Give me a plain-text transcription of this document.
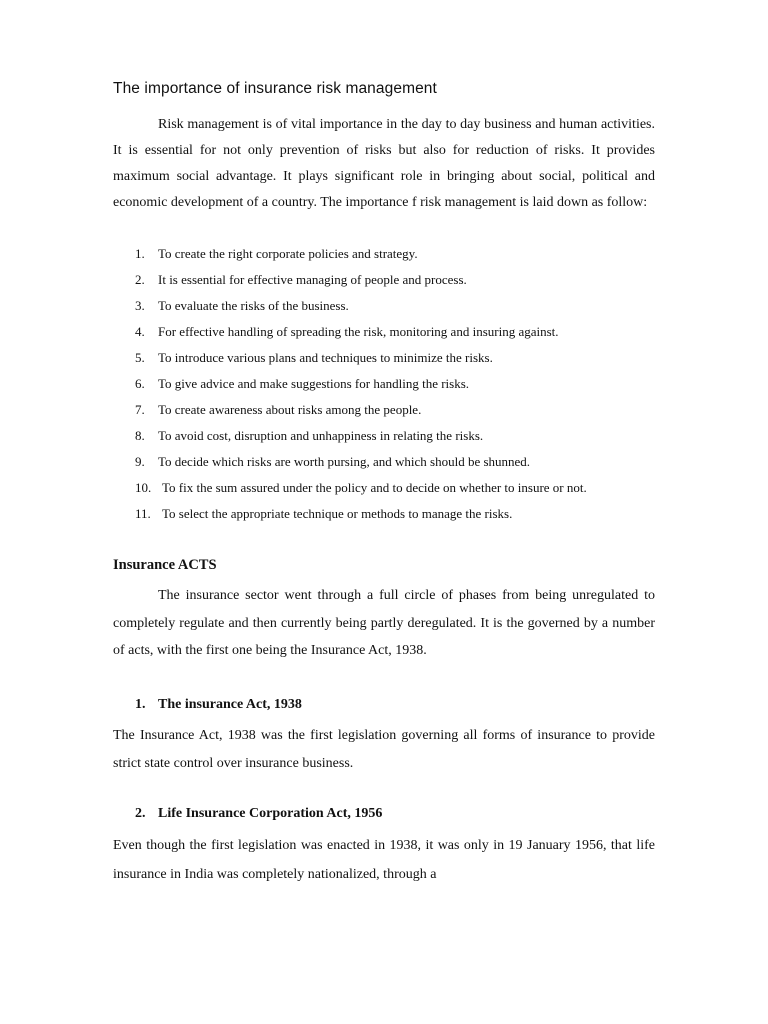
The importance of insurance risk management
Risk management is of vital importance in the day to day business and human activities. It is essential for not only prevention of risks but also for reduction of risks. It provides maximum social advantage. It plays significant role in bringing about social, political and economic development of a country. The importance f risk management is laid down as follow:
1. To create the right corporate policies and strategy.
2. It is essential for effective managing of people and process.
3. To evaluate the risks of the business.
4. For effective handling of spreading the risk, monitoring and insuring against.
5. To introduce various plans and techniques to minimize the risks.
6. To give advice and make suggestions for handling the risks.
7. To create awareness about risks among the people.
8. To avoid cost, disruption and unhappiness in relating the risks.
9. To decide which risks are worth pursing, and which should be shunned.
10. To fix the sum assured under the policy and to decide on whether to insure or not.
11. To select the appropriate technique or methods to manage the risks.
Insurance ACTS
The insurance sector went through a full circle of phases from being unregulated to completely regulate and then currently being partly deregulated. It is the governed by a number of acts, with the first one being the Insurance Act, 1938.
1. The insurance Act, 1938
The Insurance Act, 1938 was the first legislation governing all forms of insurance to provide strict state control over insurance business.
2. Life Insurance Corporation Act, 1956
Even though the first legislation was enacted in 1938, it was only in 19 January 1956, that life insurance in India was completely nationalized, through a
